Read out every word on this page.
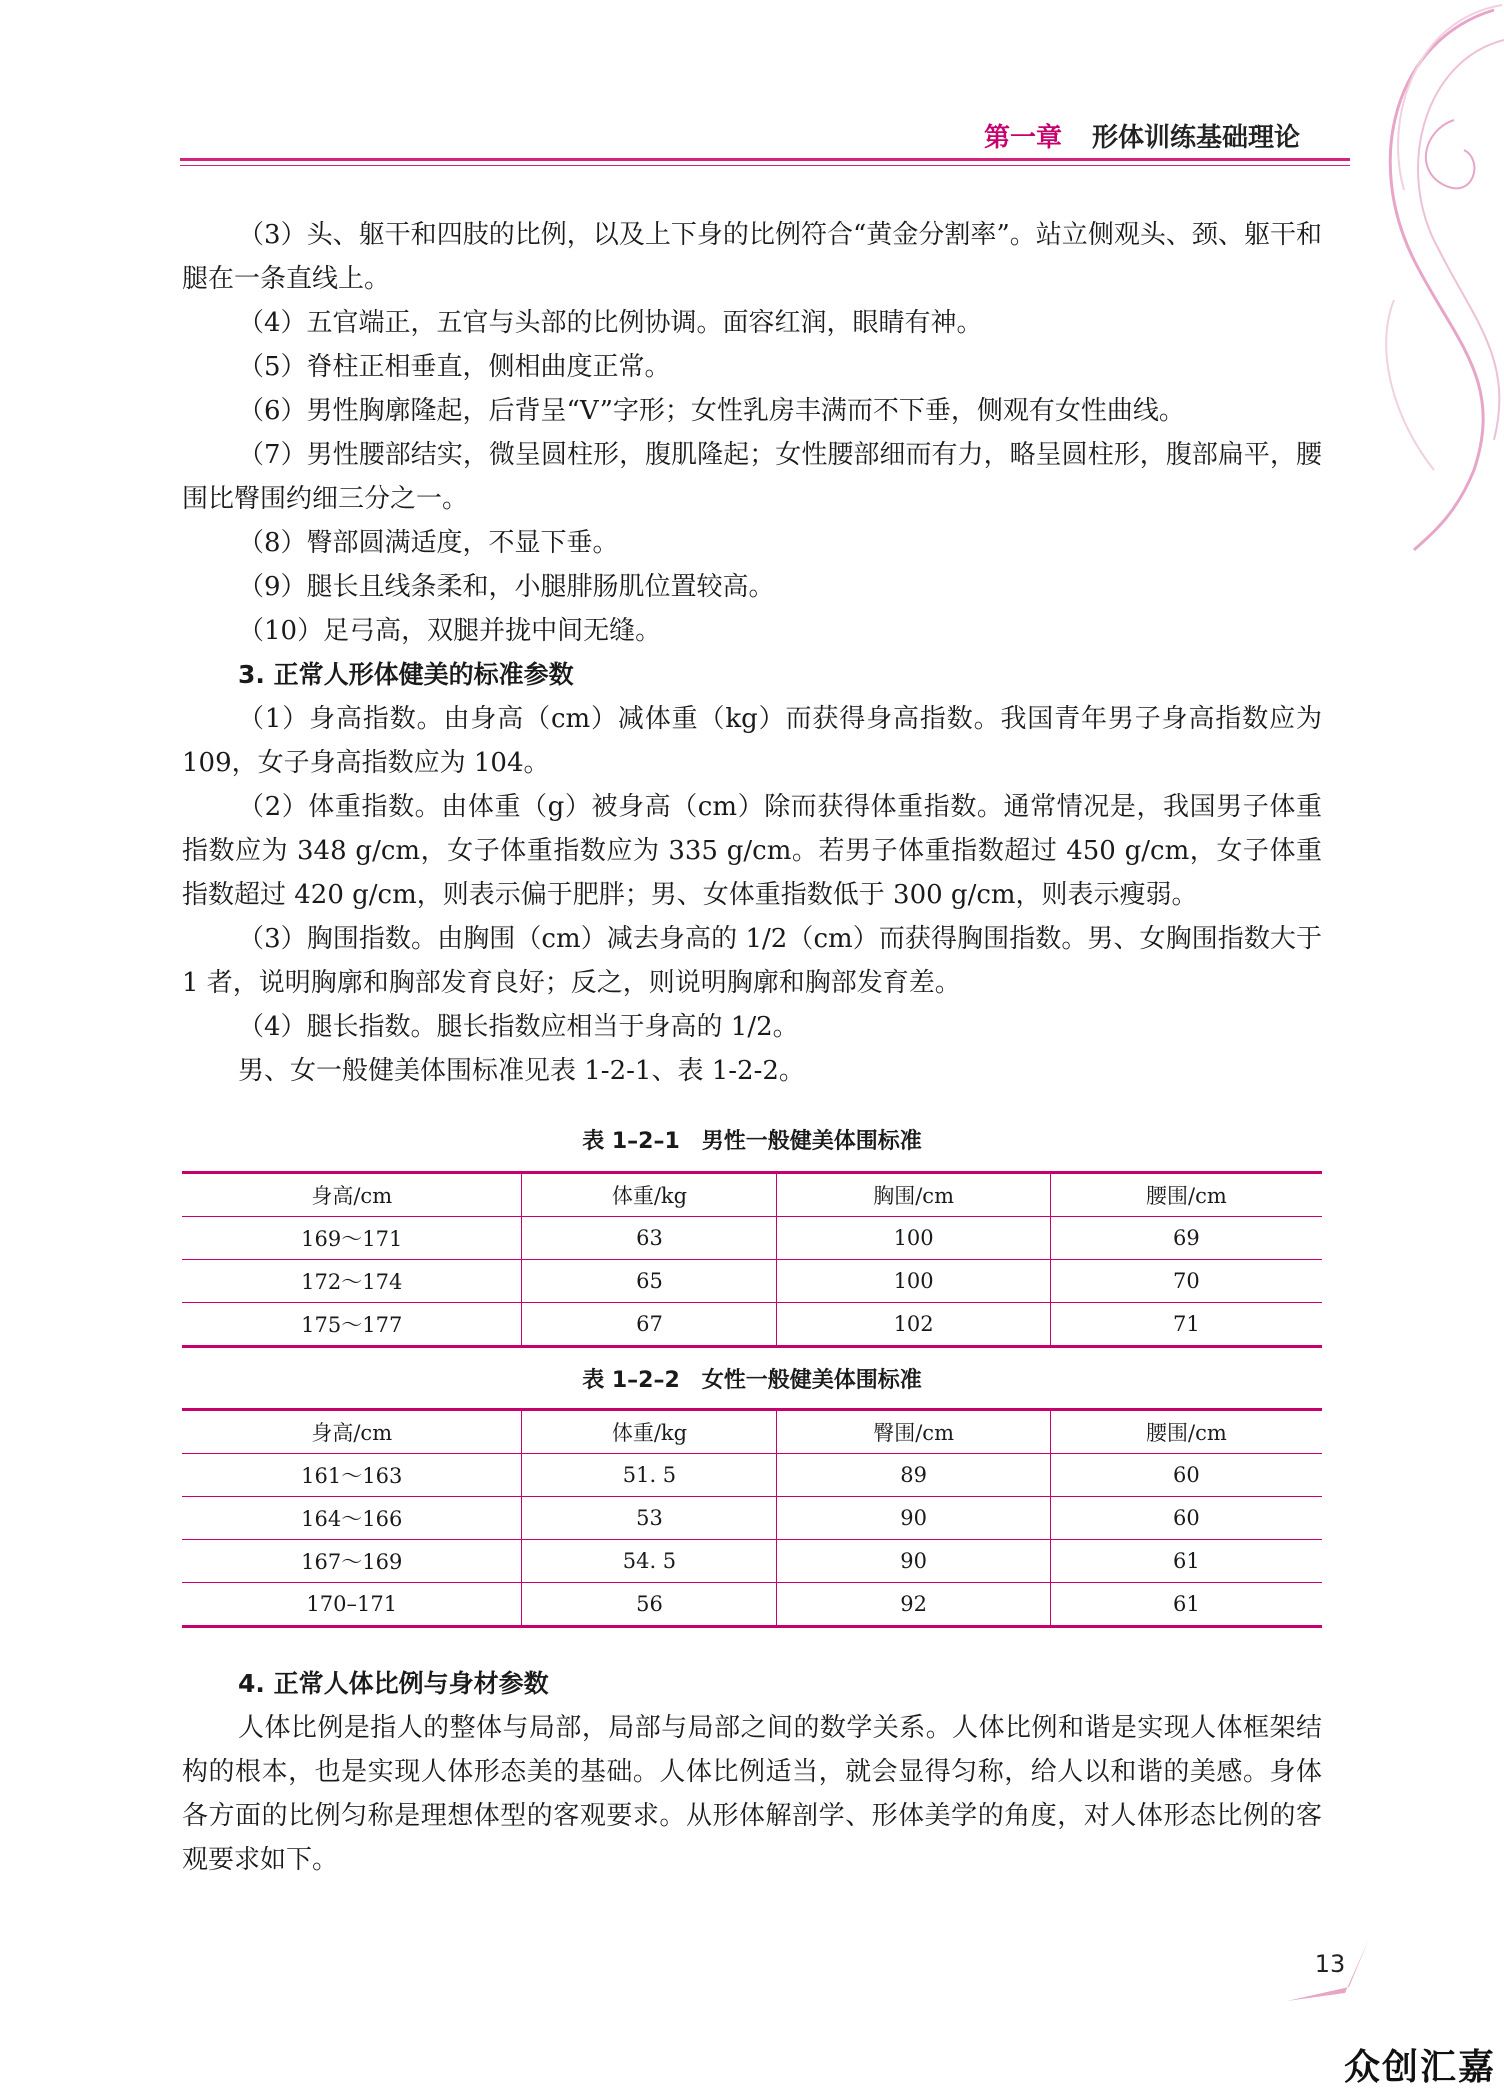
第一章 形体训练基础理论

（3）头、躯干和四肢的比例，以及上下身的比例符合“黄金分割率”。站立侧观头、颈、躯干和腿在一条直线上。

（4）五官端正，五官与头部的比例协调。面容红润，眼睛有神。

（5）脊柱正相垂直，侧相曲度正常。

（6）男性胸廓隆起，后背呈“V”字形；女性乳房丰满而不下垂，侧观有女性曲线。

（7）男性腰部结实，微呈圆柱形，腹肌隆起；女性腰部细而有力，略呈圆柱形，腹部扁平，腰围比臀围约细三分之一。

（8）臀部圆满适度，不显下垂。

（9）腿长且线条柔和，小腿腓肠肌位置较高。

（10）足弓高，双腿并拢中间无缝。

3. 正常人形体健美的标准参数

（1）身高指数。由身高（cm）减体重（kg）而获得身高指数。我国青年男子身高指数应为 109，女子身高指数应为 104。

（2）体重指数。由体重（g）被身高（cm）除而获得体重指数。通常情况是，我国男子体重指数应为 348 g/cm，女子体重指数应为 335 g/cm。若男子体重指数超过 450 g/cm，女子体重指数超过 420 g/cm，则表示偏于肥胖；男、女体重指数低于 300 g/cm，则表示瘦弱。

（3）胸围指数。由胸围（cm）减去身高的 1/2（cm）而获得胸围指数。男、女胸围指数大于 1 者，说明胸廓和胸部发育良好；反之，则说明胸廓和胸部发育差。

（4）腿长指数。腿长指数应相当于身高的 1/2。

男、女一般健美体围标准见表 1-2-1、表 1-2-2。

表 1–2–1　男性一般健美体围标准
身高/cm	体重/kg	胸围/cm	腰围/cm
169～171	63	100	69
172～174	65	100	70
175～177	67	102	71
表 1–2–2　女性一般健美体围标准
身高/cm	体重/kg	臀围/cm	腰围/cm
161～163	51. 5	89	60
164～166	53	90	60
167～169	54. 5	90	61
170–171	56	92	61
4. 正常人体比例与身材参数

人体比例是指人的整体与局部，局部与局部之间的数学关系。人体比例和谐是实现人体框架结构的根本，也是实现人体形态美的基础。人体比例适当，就会显得匀称，给人以和谐的美感。身体各方面的比例匀称是理想体型的客观要求。从形体解剖学、形体美学的角度，对人体形态比例的客观要求如下。

13
众创汇嘉
